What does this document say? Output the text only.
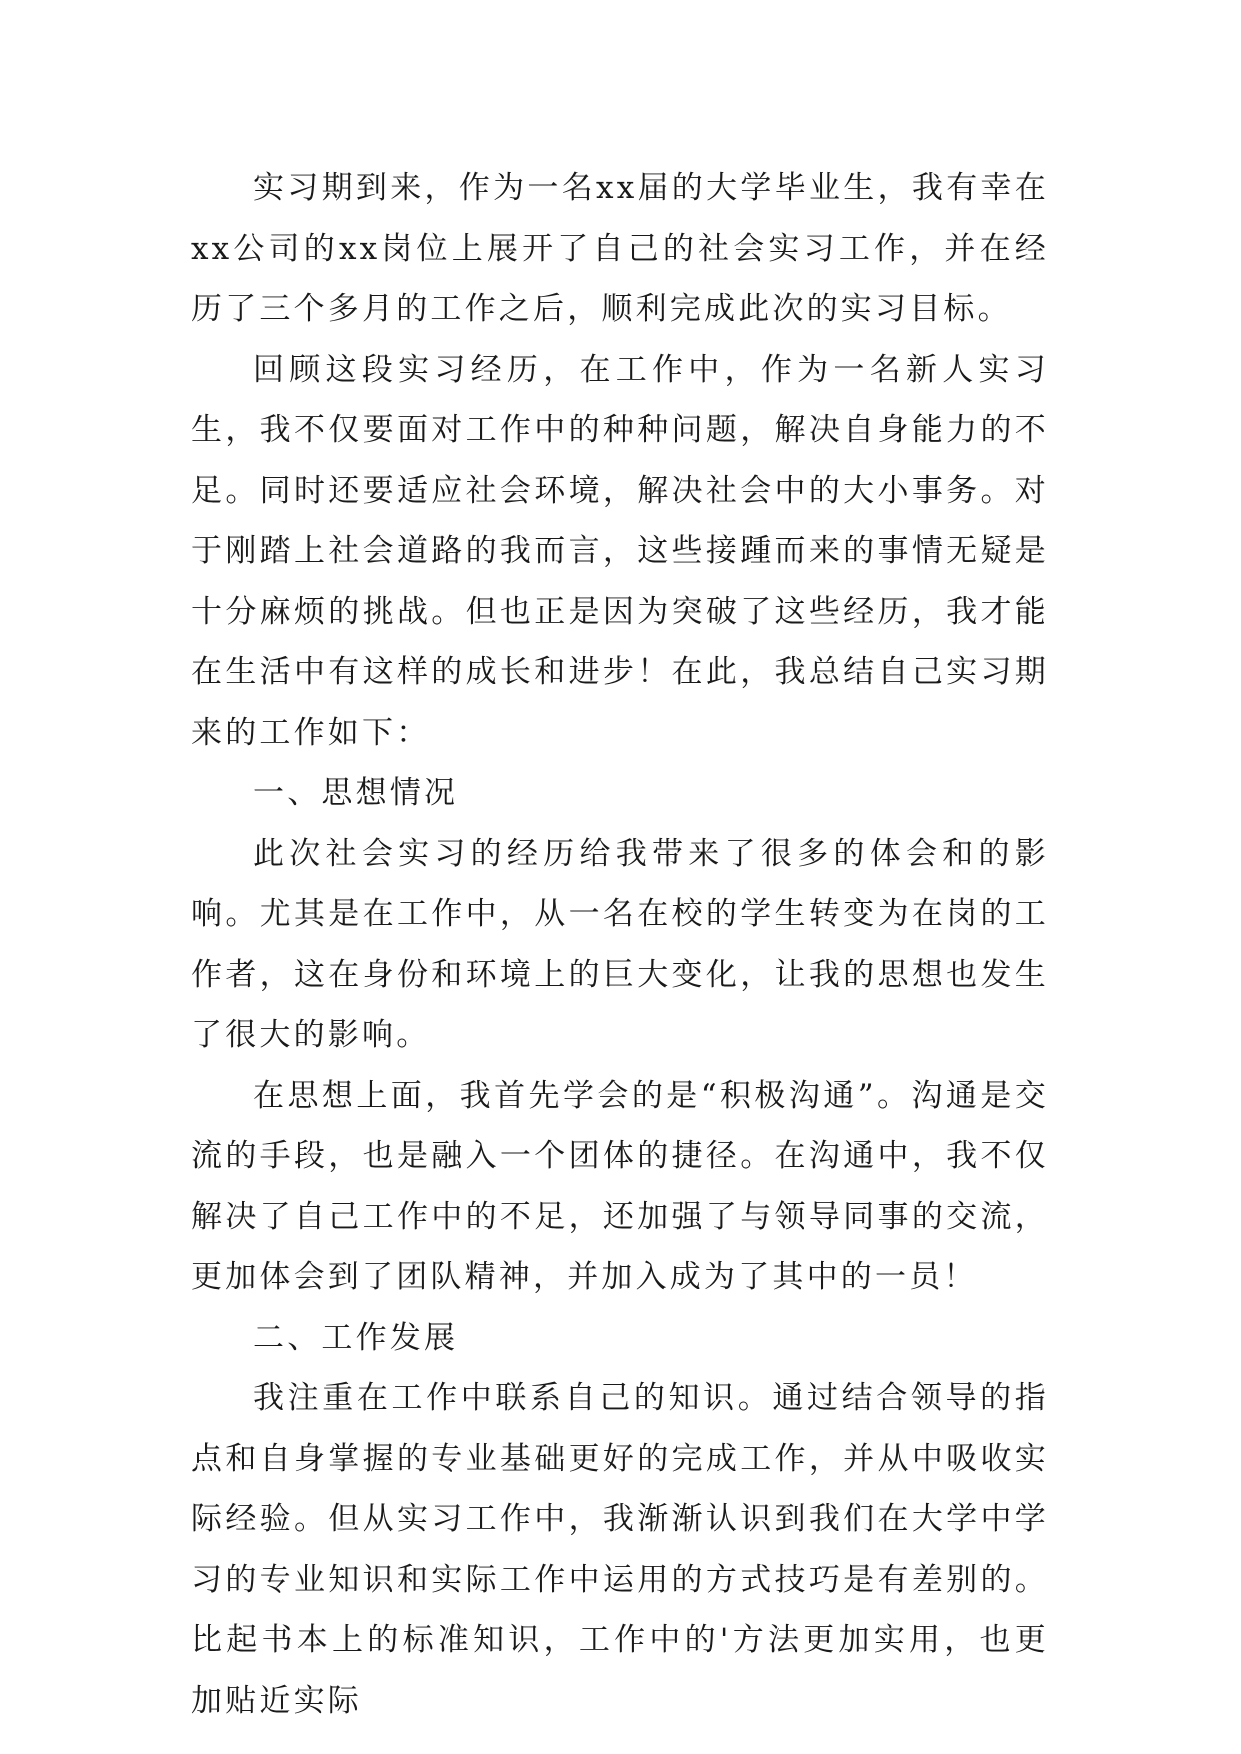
实习期到来，作为一名xx届的大学毕业生，我有幸在xx公司的xx岗位上展开了自己的社会实习工作，并在经历了三个多月的工作之后，顺利完成此次的实习目标。

回顾这段实习经历，在工作中，作为一名新人实习生，我不仅要面对工作中的种种问题，解决自身能力的不足。同时还要适应社会环境，解决社会中的大小事务。对于刚踏上社会道路的我而言，这些接踵而来的事情无疑是十分麻烦的挑战。但也正是因为突破了这些经历，我才能在生活中有这样的成长和进步！在此，我总结自己实习期来的工作如下：

一、思想情况

此次社会实习的经历给我带来了很多的体会和的影响。尤其是在工作中，从一名在校的学生转变为在岗的工作者，这在身份和环境上的巨大变化，让我的思想也发生了很大的影响。

在思想上面，我首先学会的是“积极沟通”。沟通是交流的手段，也是融入一个团体的捷径。在沟通中，我不仅解决了自己工作中的不足，还加强了与领导同事的交流，更加体会到了团队精神，并加入成为了其中的一员！

二、工作发展

我注重在工作中联系自己的知识。通过结合领导的指点和自身掌握的专业基础更好的完成工作，并从中吸收实际经验。但从实习工作中，我渐渐认识到我们在大学中学习的专业知识和实际工作中运用的方式技巧是有差别的。比起书本上的标准知识，工作中的'方法更加实用，也更加贴近实际
